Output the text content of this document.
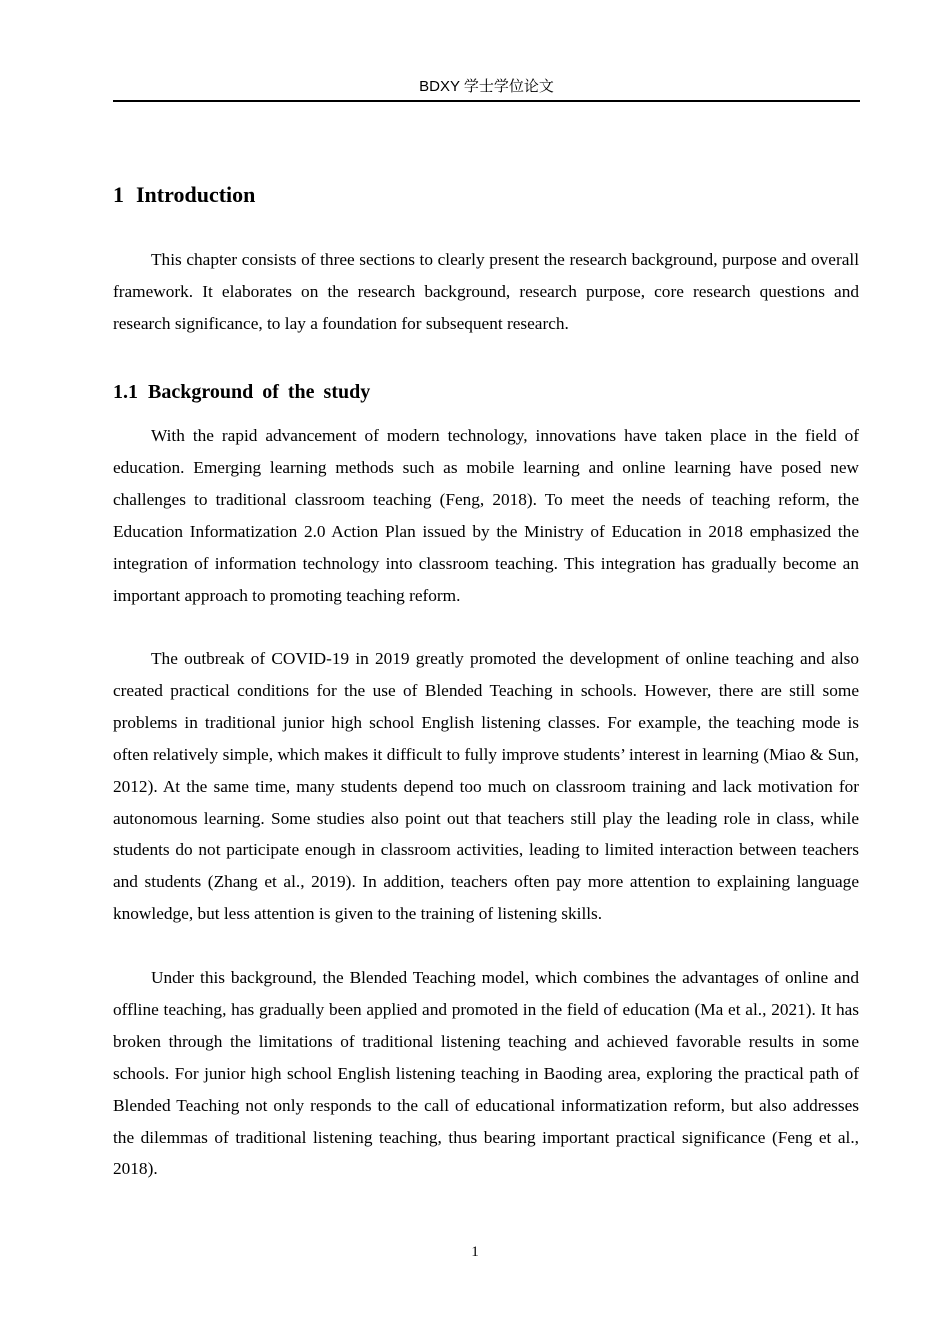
BDXY 学士学位论文
1 Introduction

This chapter consists of three sections to clearly present the research background, purpose and overall framework. It elaborates on the research background, research purpose, core research questions and research significance, to lay a foundation for subsequent research.

1.1 Background of the study

With the rapid advancement of modern technology, innovations have taken place in the field of education. Emerging learning methods such as mobile learning and online learning have posed new challenges to traditional classroom teaching (Feng, 2018). To meet the needs of teaching reform, the Education Informatization 2.0 Action Plan issued by the Ministry of Education in 2018 emphasized the integration of information technology into classroom teaching. This integration has gradually become an important approach to promoting teaching reform.

The outbreak of COVID-19 in 2019 greatly promoted the development of online teaching and also created practical conditions for the use of Blended Teaching in schools. However, there are still some problems in traditional junior high school English listening classes. For example, the teaching mode is often relatively simple, which makes it difficult to fully improve students’ interest in learning (Miao & Sun, 2012). At the same time, many students depend too much on classroom training and lack motivation for autonomous learning. Some studies also point out that teachers still play the leading role in class, while students do not participate enough in classroom activities, leading to limited interaction between teachers and students (Zhang et al., 2019). In addition, teachers often pay more attention to explaining language knowledge, but less attention is given to the training of listening skills.

Under this background, the Blended Teaching model, which combines the advantages of online and offline teaching, has gradually been applied and promoted in the field of education (Ma et al., 2021). It has broken through the limitations of traditional listening teaching and achieved favorable results in some schools. For junior high school English listening teaching in Baoding area, exploring the practical path of Blended Teaching not only responds to the call of educational informatization reform, but also addresses the dilemmas of traditional listening teaching, thus bearing important practical significance (Feng et al., 2018).

1
